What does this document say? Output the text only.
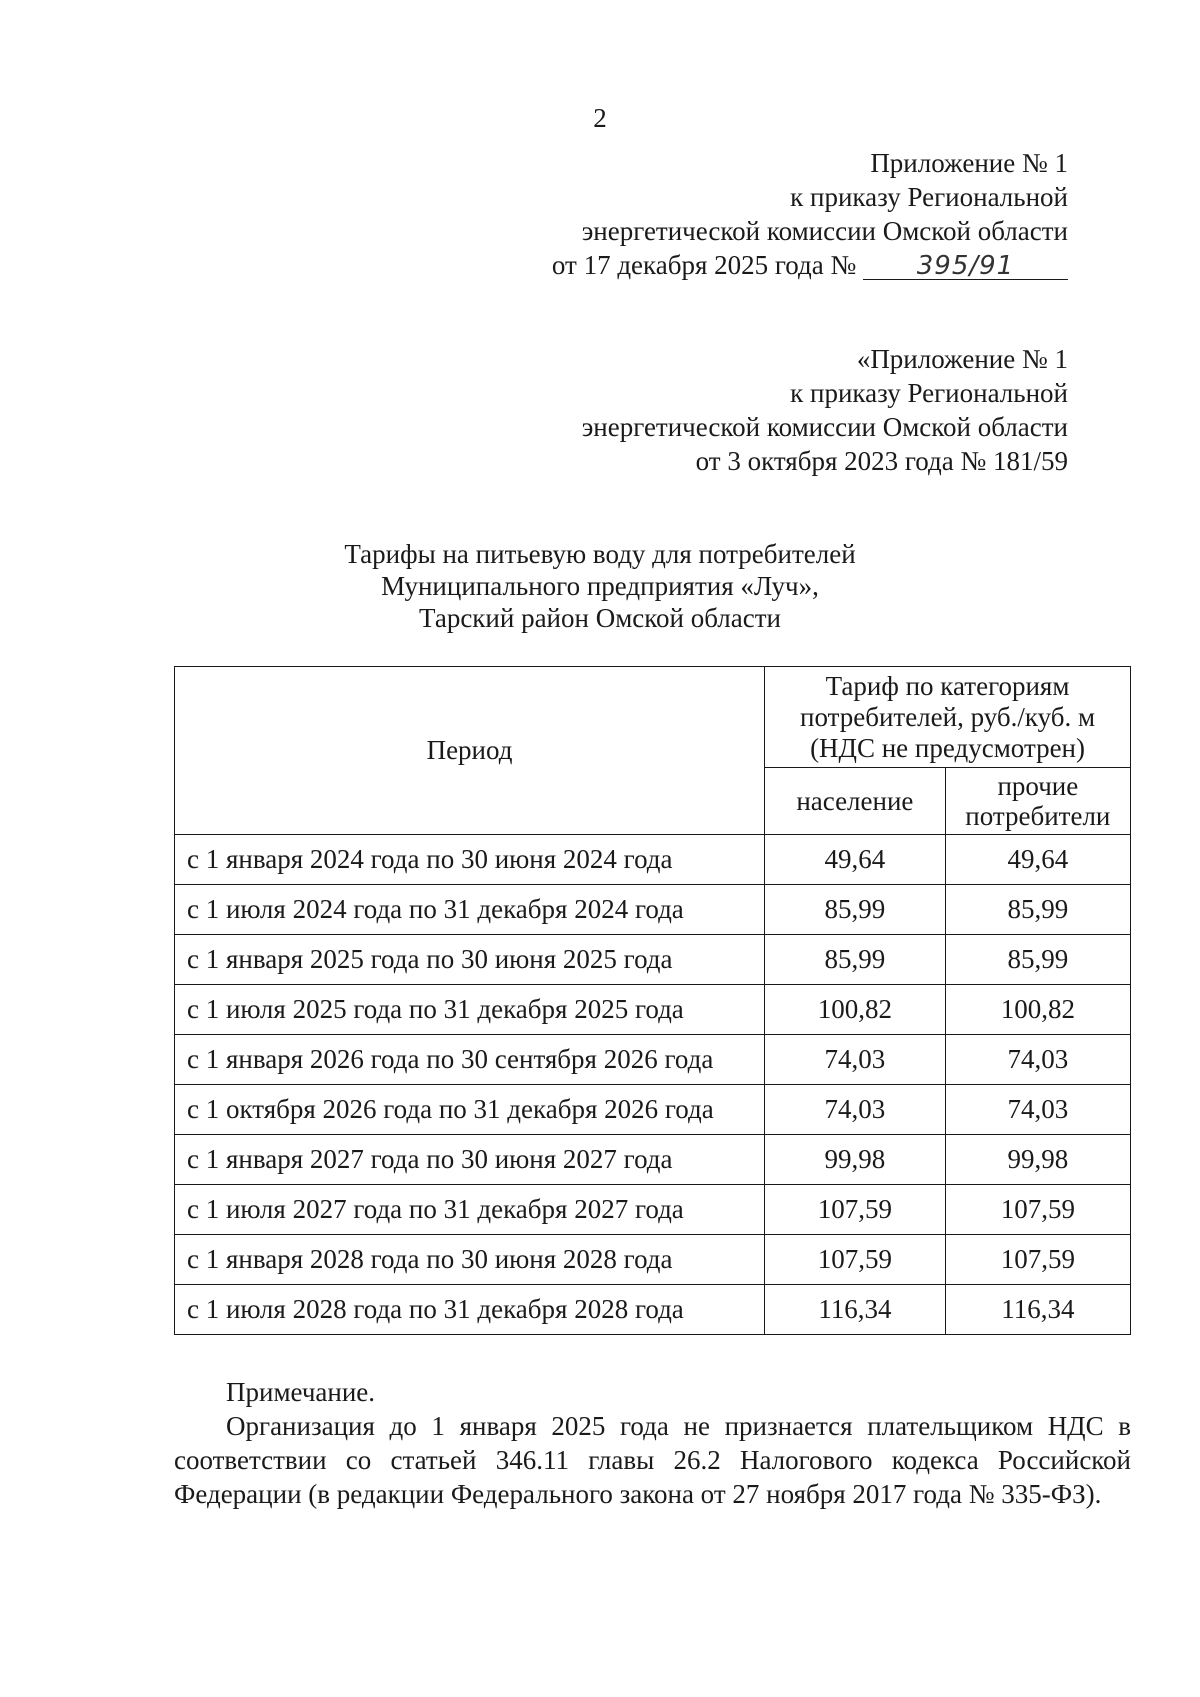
2
Приложение № 1
к приказу Региональной
энергетической комиссии Омской области
от 17 декабря 2025 года № 395/91
«Приложение № 1
к приказу Региональной
энергетической комиссии Омской области
от 3 октября 2023 года № 181/59
Тарифы на питьевую воду для потребителей
Муниципального предприятия «Луч»,
Тарский район Омской области
Период	Тариф по категориям
потребителей, руб./куб. м
(НДС не предусмотрен)	

	население	прочие
потребители

с 1 января 2024 года по 30 июня 2024 года	49,64	49,64
с 1 июля 2024 года по 31 декабря 2024 года	85,99	85,99
с 1 января 2025 года по 30 июня 2025 года	85,99	85,99
с 1 июля 2025 года по 31 декабря 2025 года	100,82	100,82
с 1 января 2026 года по 30 сентября 2026 года	74,03	74,03
с 1 октября 2026 года по 31 декабря 2026 года	74,03	74,03
с 1 января 2027 года по 30 июня 2027 года	99,98	99,98
с 1 июля 2027 года по 31 декабря 2027 года	107,59	107,59
с 1 января 2028 года по 30 июня 2028 года	107,59	107,59
с 1 июля 2028 года по 31 декабря 2028 года	116,34	116,34
Примечание.

Организация до 1 января 2025 года не признается плательщиком НДС в соответствии со статьей 346.11 главы 26.2 Налогового кодекса Российской Федерации (в редакции Федерального закона от 27 ноября 2017 года № 335-ФЗ).
